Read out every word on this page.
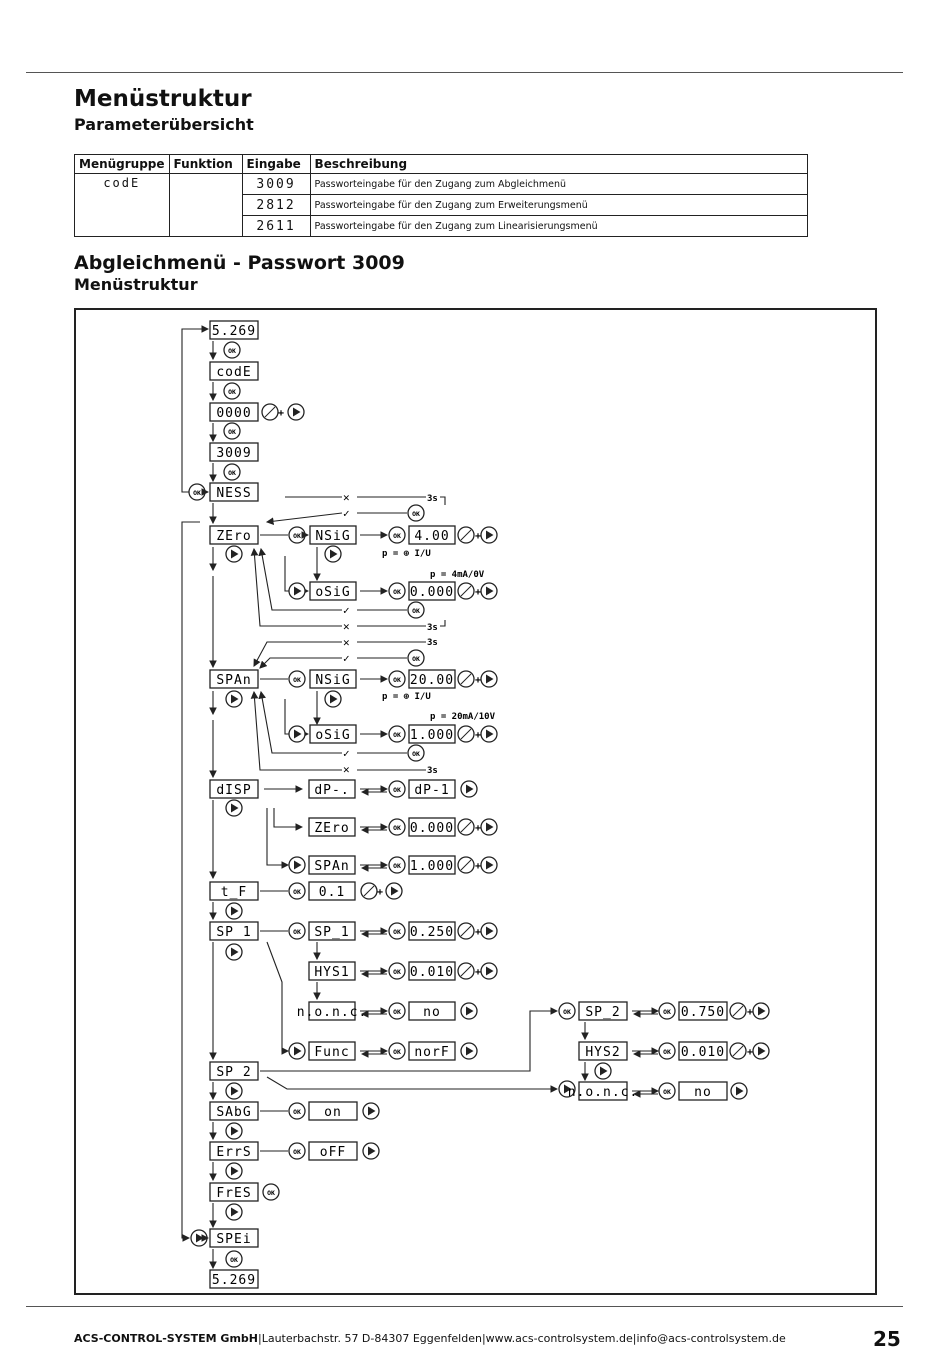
Menüstruktur
Parameterübersicht
Menügruppe	Funktion	Eingabe	Beschreibung
codE		3009	Passworteingabe für den Zugang zum Abgleichmenü
		2812	Passworteingabe für den Zugang zum Erweiterungsmenü
		2611	Passworteingabe für den Zugang zum Linearisierungsmenü
Abgleichmenü - Passwort 3009
Menüstruktur
5.269
OK
codE
OK
0000	+
OK
3009
OK
NESS
OK
ZEro
✕	3s
✓	OK
OK NSiG	OK 4.00	+
p = ⊕ I/U
p = 4mA/0V
oSiG	OK 0.000 +
OK
✓
✕	3s
✕	3s
✓	OK
SPAn	OK NSiG	OK 20.00 +
p = ⊕ I/U
p = 20mA/10V
oSiG	OK 1.000 +
OK
✓
✕	3s
dISP	dP-.
ZEro
SPAn
OK dP-1
OK 0.000 +
OK 1.000 +
t_F	OK 0.1	+
SP 1	OK SP_1
HYS1
n.o.n.c.
Func
OK 0.250 +
OK 0.010 +
OK no
OK norF
SP 2
OK SP_2
HYS2
n.o.n.c.
OK 0.750 +
OK 0.010 +
OK no
SAbG	OK on
ErrS	OK oFF
FrES OK
SPEi
OK
5.269
ACS-CONTROL-SYSTEM GmbH|Lauterbachstr. 57 D-84307 Eggenfelden|www.acs-controlsystem.de|info@acs-controlsystem.de	25
